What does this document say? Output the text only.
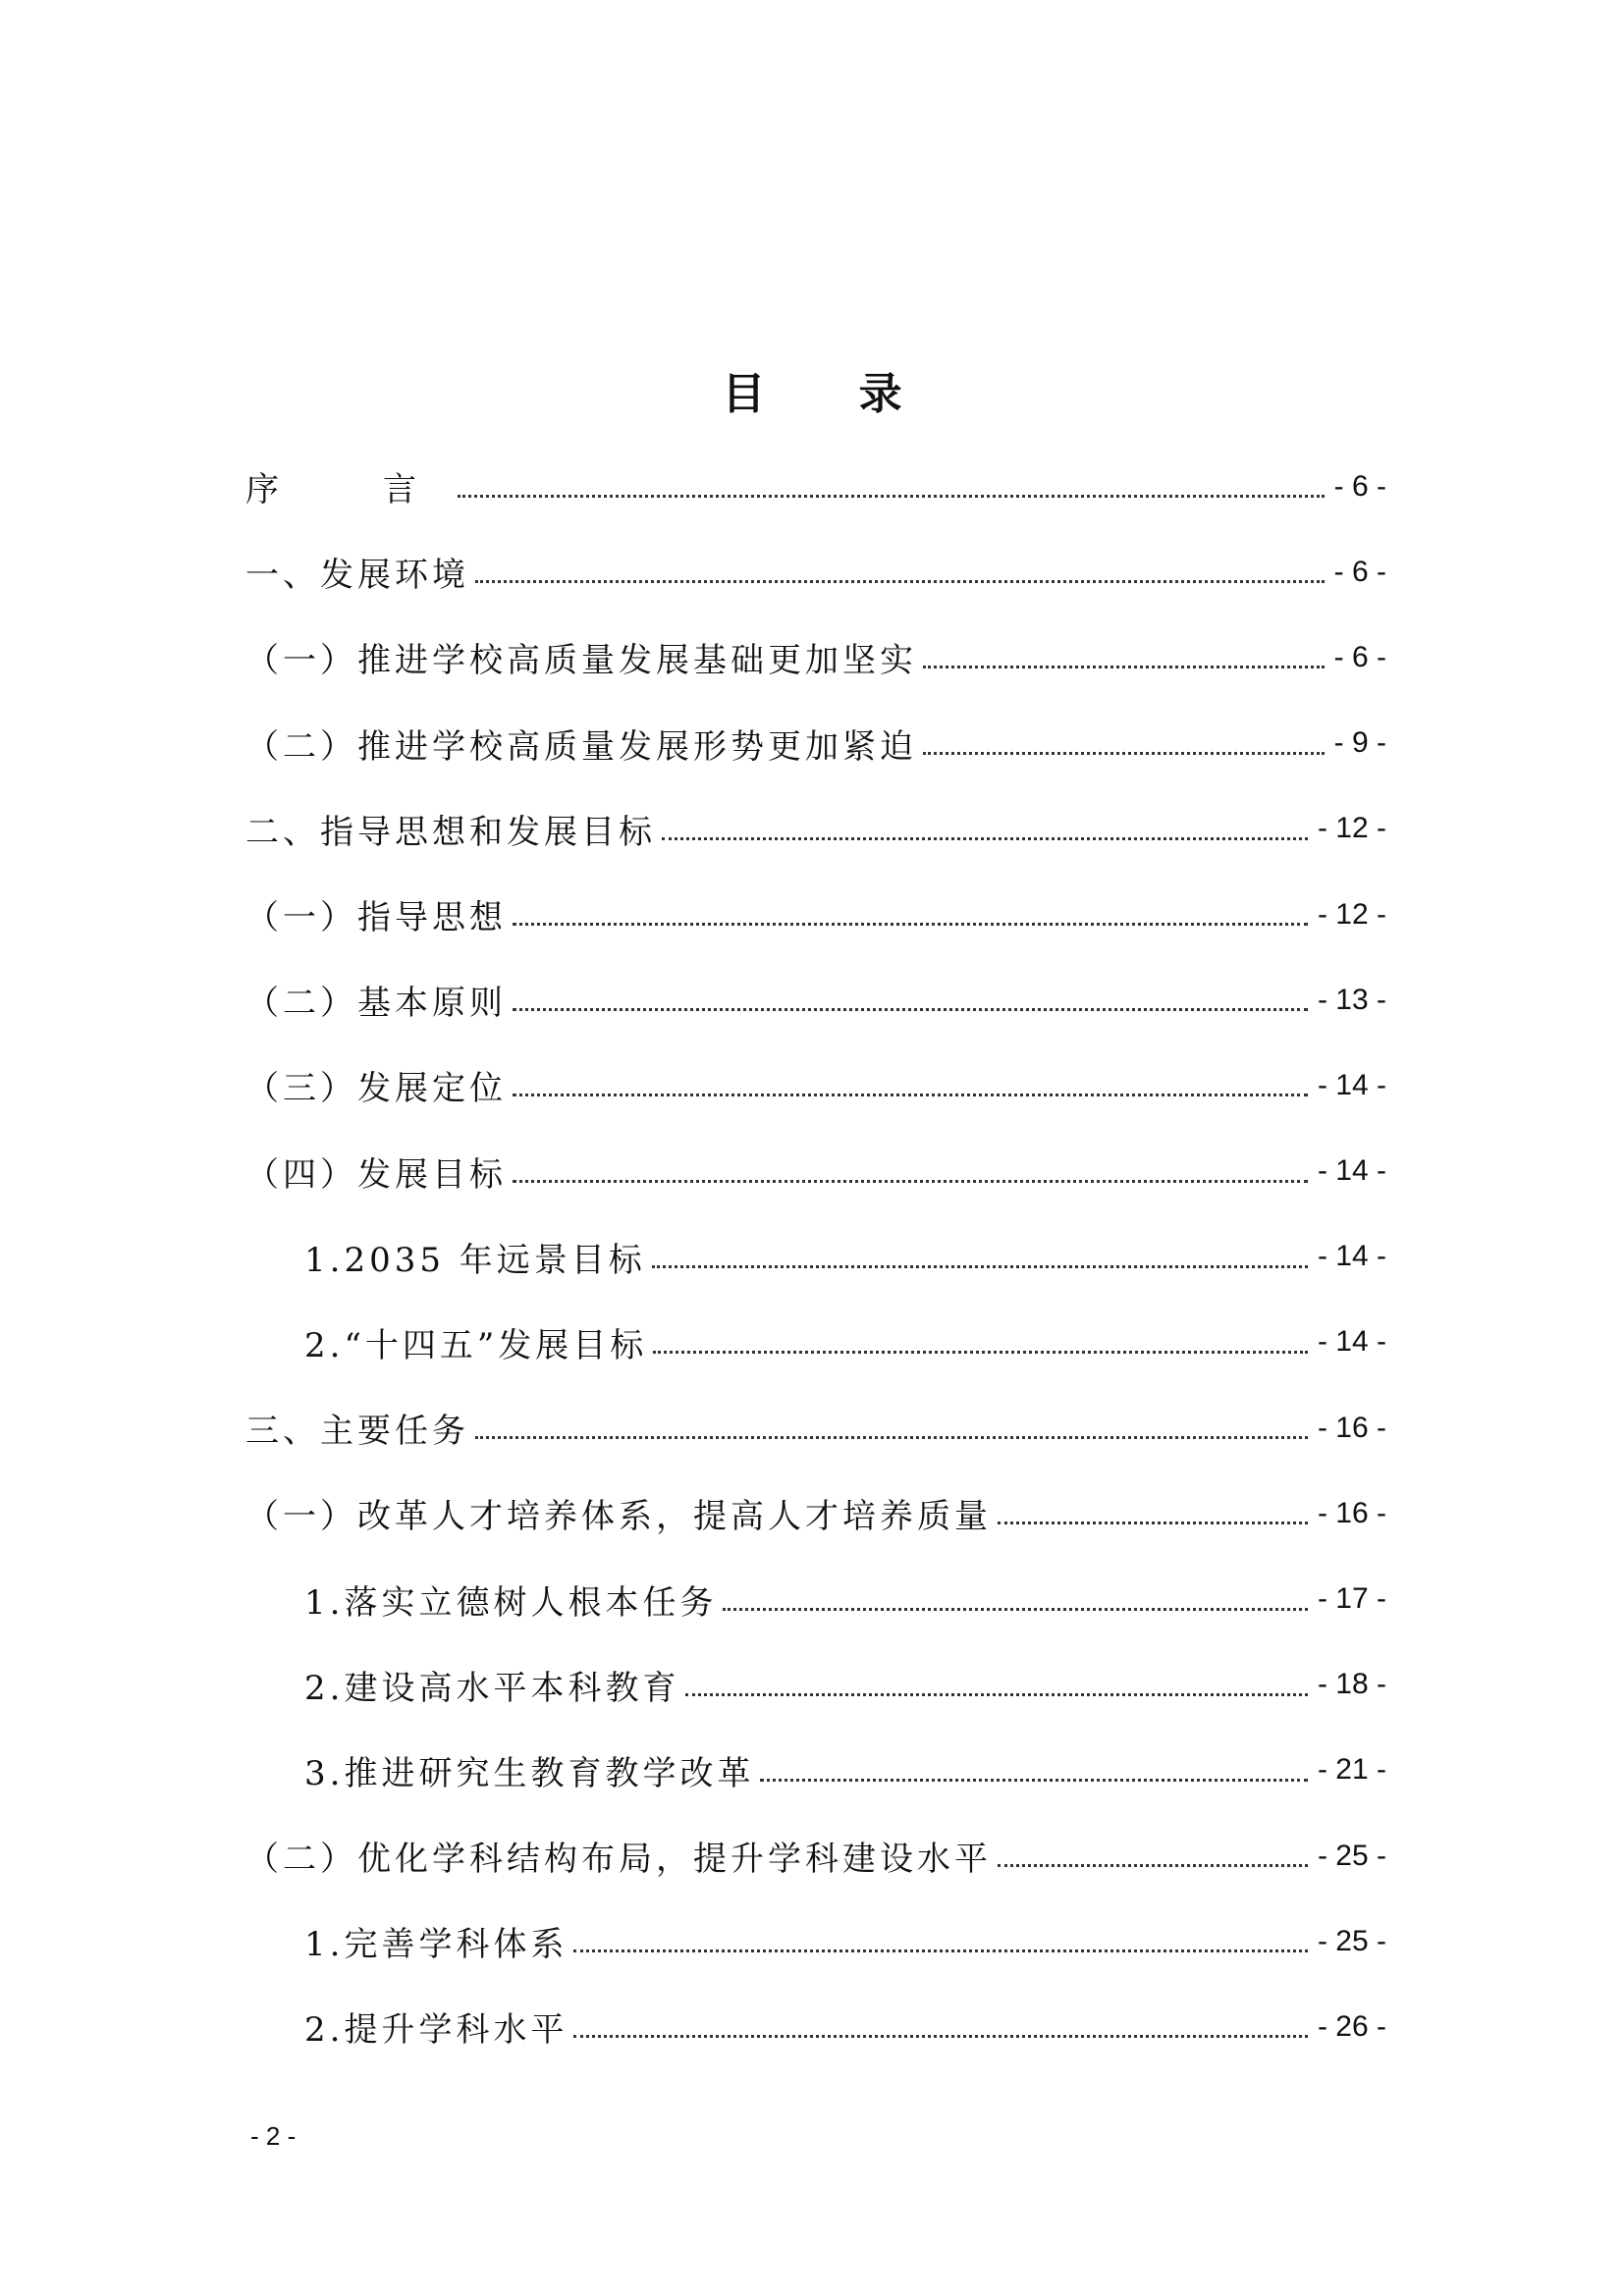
目 录
序　言	- 6 -
一、发展环境	- 6 -
（一）推进学校高质量发展基础更加坚实	- 6 -
（二）推进学校高质量发展形势更加紧迫	- 9 -
二、指导思想和发展目标	- 12 -
（一）指导思想	- 12 -
（二）基本原则	- 13 -
（三）发展定位	- 14 -
（四）发展目标	- 14 -
1.2035 年远景目标	- 14 -
2.“十四五”发展目标	- 14 -
三、主要任务	- 16 -
（一）改革人才培养体系，提高人才培养质量	- 16 -
1.落实立德树人根本任务	- 17 -
2.建设高水平本科教育	- 18 -
3.推进研究生教育教学改革	- 21 -
（二）优化学科结构布局，提升学科建设水平	- 25 -
1.完善学科体系	- 25 -
2.提升学科水平	- 26 -
- 2 -
